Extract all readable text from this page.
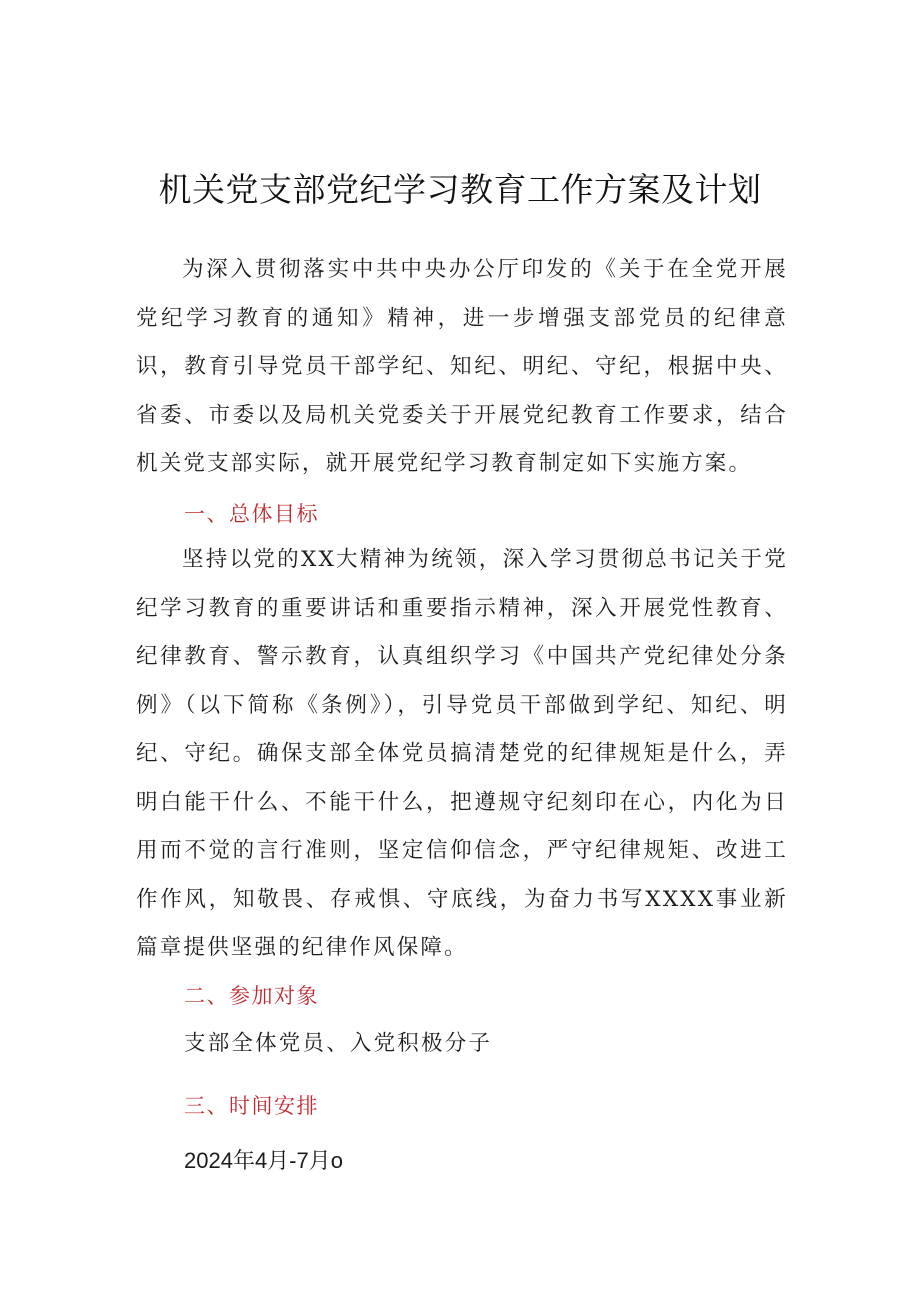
机关党支部党纪学习教育工作方案及计划

为深入贯彻落实中共中央办公厅印发的《关于在全党开展党纪学习教育的通知》精神，进一步增强支部党员的纪律意识，教育引导党员干部学纪、知纪、明纪、守纪，根据中央、省委、市委以及局机关党委关于开展党纪教育工作要求，结合机关党支部实际，就开展党纪学习教育制定如下实施方案。

一、总体目标

坚持以党的XX大精神为统领，深入学习贯彻总书记关于党纪学习教育的重要讲话和重要指示精神，深入开展党性教育、纪律教育、警示教育，认真组织学习《中国共产党纪律处分条例》（以下简称《条例》），引导党员干部做到学纪、知纪、明纪、守纪。确保支部全体党员搞清楚党的纪律规矩是什么，弄明白能干什么、不能干什么，把遵规守纪刻印在心，内化为日用而不觉的言行准则，坚定信仰信念，严守纪律规矩、改进工作作风，知敬畏、存戒惧、守底线，为奋力书写XXXX事业新篇章提供坚强的纪律作风保障。

二、参加对象
支部全体党员、入党积极分子
三、时间安排
2024年4月-7月o
